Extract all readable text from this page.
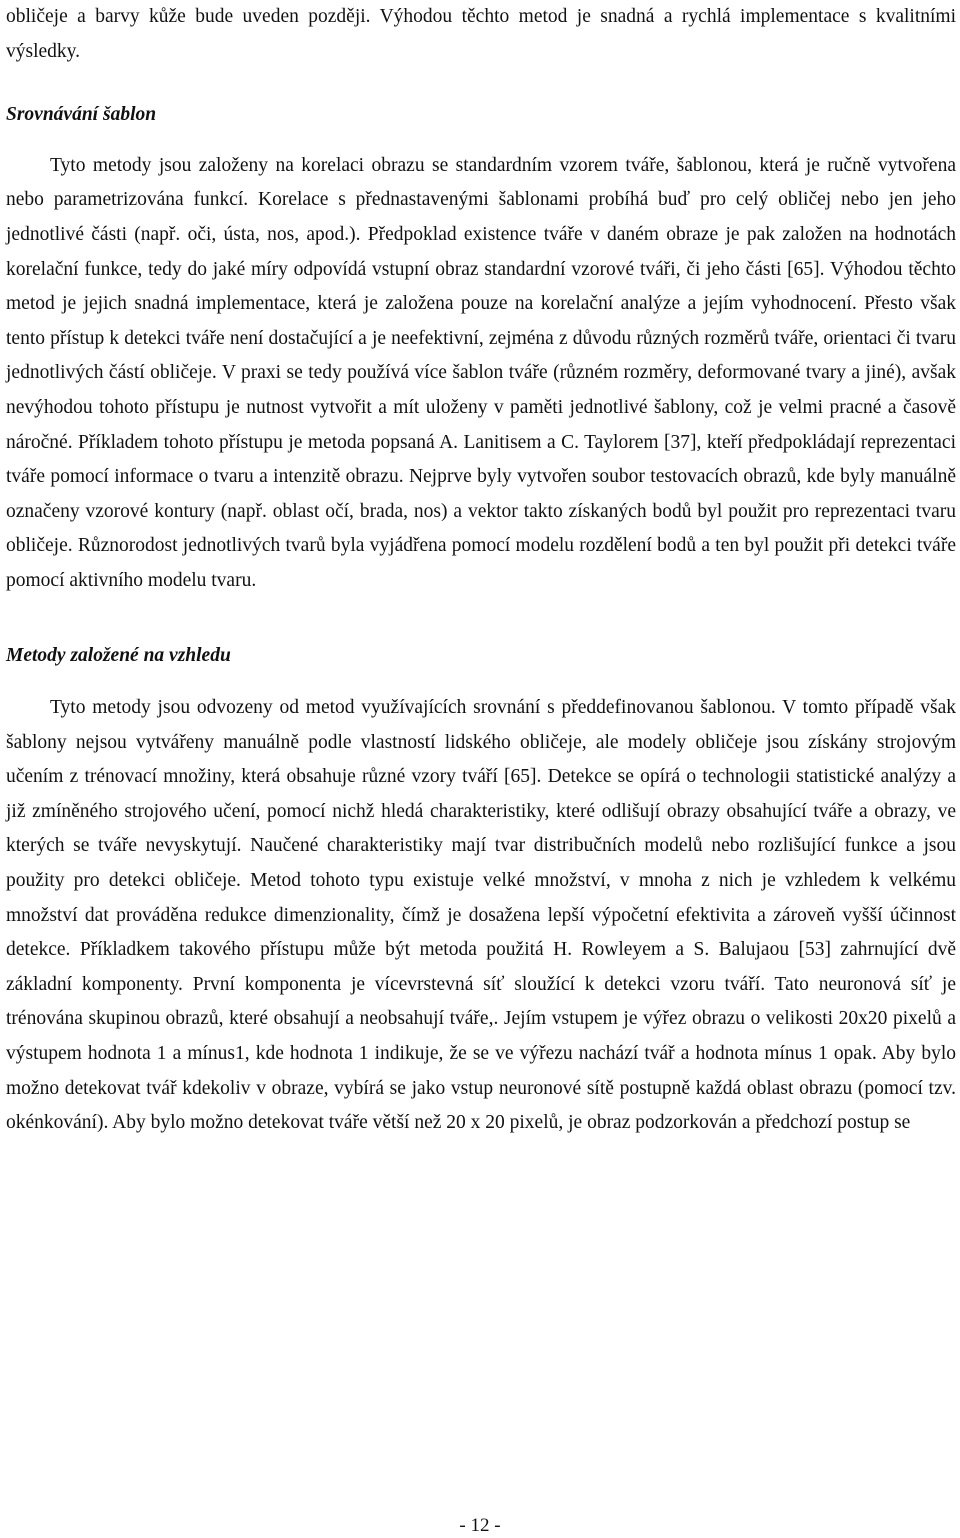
obličeje a barvy kůže bude uveden později. Výhodou těchto metod je snadná a rychlá implementace s kvalitními výsledky.

Srovnávání šablon

Tyto metody jsou založeny na korelaci obrazu se standardním vzorem tváře, šablonou, která je ručně vytvořena nebo parametrizována funkcí. Korelace s přednastavenými šablonami probíhá buď pro celý obličej nebo jen jeho jednotlivé části (např. oči, ústa, nos, apod.). Předpoklad existence tváře v daném obraze je pak založen na hodnotách korelační funkce, tedy do jaké míry odpovídá vstupní obraz standardní vzorové tváři, či jeho části [65]. Výhodou těchto metod je jejich snadná implementace, která je založena pouze na korelační analýze a jejím vyhodnocení. Přesto však tento přístup k detekci tváře není dostačující a je neefektivní, zejména z důvodu různých rozměrů tváře, orientaci či tvaru jednotlivých částí obličeje. V praxi se tedy používá více šablon tváře (různém rozměry, deformované tvary a jiné), avšak nevýhodou tohoto přístupu je nutnost vytvořit a mít uloženy v paměti jednotlivé šablony, což je velmi pracné a časově náročné. Příkladem tohoto přístupu je metoda popsaná A. Lanitisem a C. Taylorem [37], kteří předpokládají reprezentaci tváře pomocí informace o tvaru a intenzitě obrazu. Nejprve byly vytvořen soubor testovacích obrazů, kde byly manuálně označeny vzorové kontury (např. oblast očí, brada, nos) a vektor takto získaných bodů byl použit pro reprezentaci tvaru obličeje. Různorodost jednotlivých tvarů byla vyjádřena pomocí modelu rozdělení bodů a ten byl použit při detekci tváře pomocí aktivního modelu tvaru.

Metody založené na vzhledu

Tyto metody jsou odvozeny od metod využívajících srovnání s předdefinovanou šablonou. V tomto případě však šablony nejsou vytvářeny manuálně podle vlastností lidského obličeje, ale modely obličeje jsou získány strojovým učením z trénovací množiny, která obsahuje různé vzory tváří [65]. Detekce se opírá o technologii statistické analýzy a již zmíněného strojového učení, pomocí nichž hledá charakteristiky, které odlišují obrazy obsahující tváře a obrazy, ve kterých se tváře nevyskytují. Naučené charakteristiky mají tvar distribučních modelů nebo rozlišující funkce a jsou použity pro detekci obličeje. Metod tohoto typu existuje velké množství, v mnoha z nich je vzhledem k velkému množství dat prováděna redukce dimenzionality, čímž je dosažena lepší výpočetní efektivita a zároveň vyšší účinnost detekce. Příkladkem takového přístupu může být metoda použitá H. Rowleyem a S. Balujaou [53] zahrnující dvě základní komponenty. První komponenta je vícevrstevná síť sloužící k detekci vzoru tváří. Tato neuronová síť je trénována skupinou obrazů, které obsahují a neobsahují tváře,. Jejím vstupem je výřez obrazu o velikosti 20x20 pixelů a výstupem hodnota 1 a mínus1, kde hodnota 1 indikuje, že se ve výřezu nachází tvář a hodnota mínus 1 opak. Aby bylo možno detekovat tvář kdekoliv v obraze, vybírá se jako vstup neuronové sítě postupně každá oblast obrazu (pomocí tzv. okénkování). Aby bylo možno detekovat tváře větší než 20 x 20 pixelů, je obraz podzorkován a předchozí postup se

- 12 -
